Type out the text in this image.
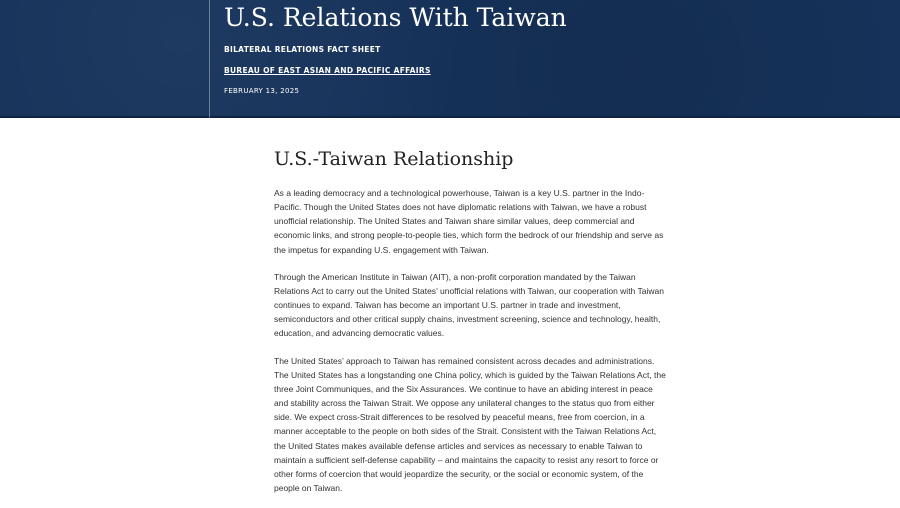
U.S. Relations With Taiwan
BILATERAL RELATIONS FACT SHEET
BUREAU OF EAST ASIAN AND PACIFIC AFFAIRS
FEBRUARY 13, 2025
U.S.-Taiwan Relationship

As a leading democracy and a technological powerhouse, Taiwan is a key U.S. partner in the Indo-Pacific. Though the United States does not have diplomatic relations with Taiwan, we have a robust unofficial relationship. The United States and Taiwan share similar values, deep commercial and economic links, and strong people-to-people ties, which form the bedrock of our friendship and serve as the impetus for expanding U.S. engagement with Taiwan.

Through the American Institute in Taiwan (AIT), a non-profit corporation mandated by the Taiwan Relations Act to carry out the United States’ unofficial relations with Taiwan, our cooperation with Taiwan continues to expand. Taiwan has become an important U.S. partner in trade and investment, semiconductors and other critical supply chains, investment screening, science and technology, health, education, and advancing democratic values.

The United States’ approach to Taiwan has remained consistent across decades and administrations. The United States has a longstanding one China policy, which is guided by the Taiwan Relations Act, the three Joint Communiques, and the Six Assurances. We continue to have an abiding interest in peace and stability across the Taiwan Strait. We oppose any unilateral changes to the status quo from either side. We expect cross-Strait differences to be resolved by peaceful means, free from coercion, in a manner acceptable to the people on both sides of the Strait. Consistent with the Taiwan Relations Act, the United States makes available defense articles and services as necessary to enable Taiwan to maintain a sufficient self-defense capability – and maintains the capacity to resist any resort to force or other forms of coercion that would jeopardize the security, or the social or economic system, of the people on Taiwan.
